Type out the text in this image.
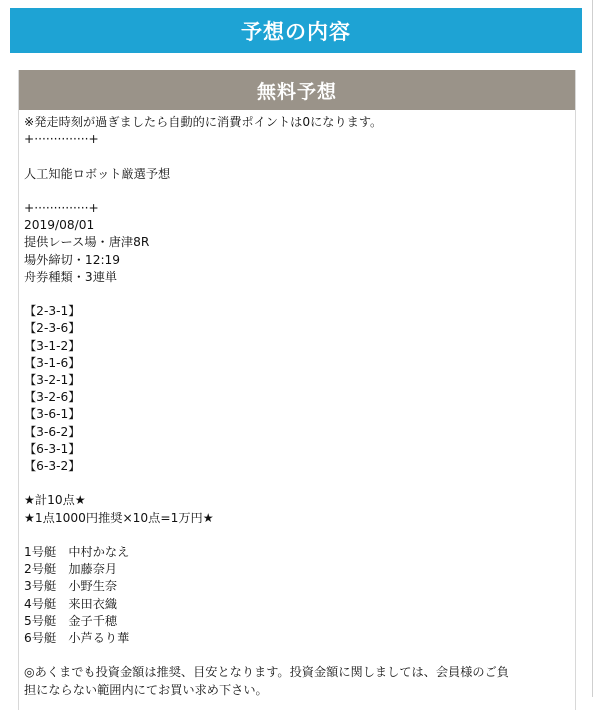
予想の内容
無料予想
※発走時刻が過ぎましたら自動的に消費ポイントは0になります。
+··············+
人工知能ロボット厳選予想
+··············+
2019/08/01
提供レース場・唐津8R
場外締切・12:19
舟券種類・3連単
【2-3-1】
【2-3-6】
【3-1-2】
【3-1-6】
【3-2-1】
【3-2-6】
【3-6-1】
【3-6-2】
【6-3-1】
【6-3-2】
★計10点★
★1点1000円推奨×10点=1万円★
1号艇　中村かなえ
2号艇　加藤奈月
3号艇　小野生奈
4号艇　来田衣織
5号艇　金子千穂
6号艇　小芦るり華
◎あくまでも投資金額は推奨、目安となります。投資金額に関しましては、会員様のご負
担にならない範囲内にてお買い求め下さい。
